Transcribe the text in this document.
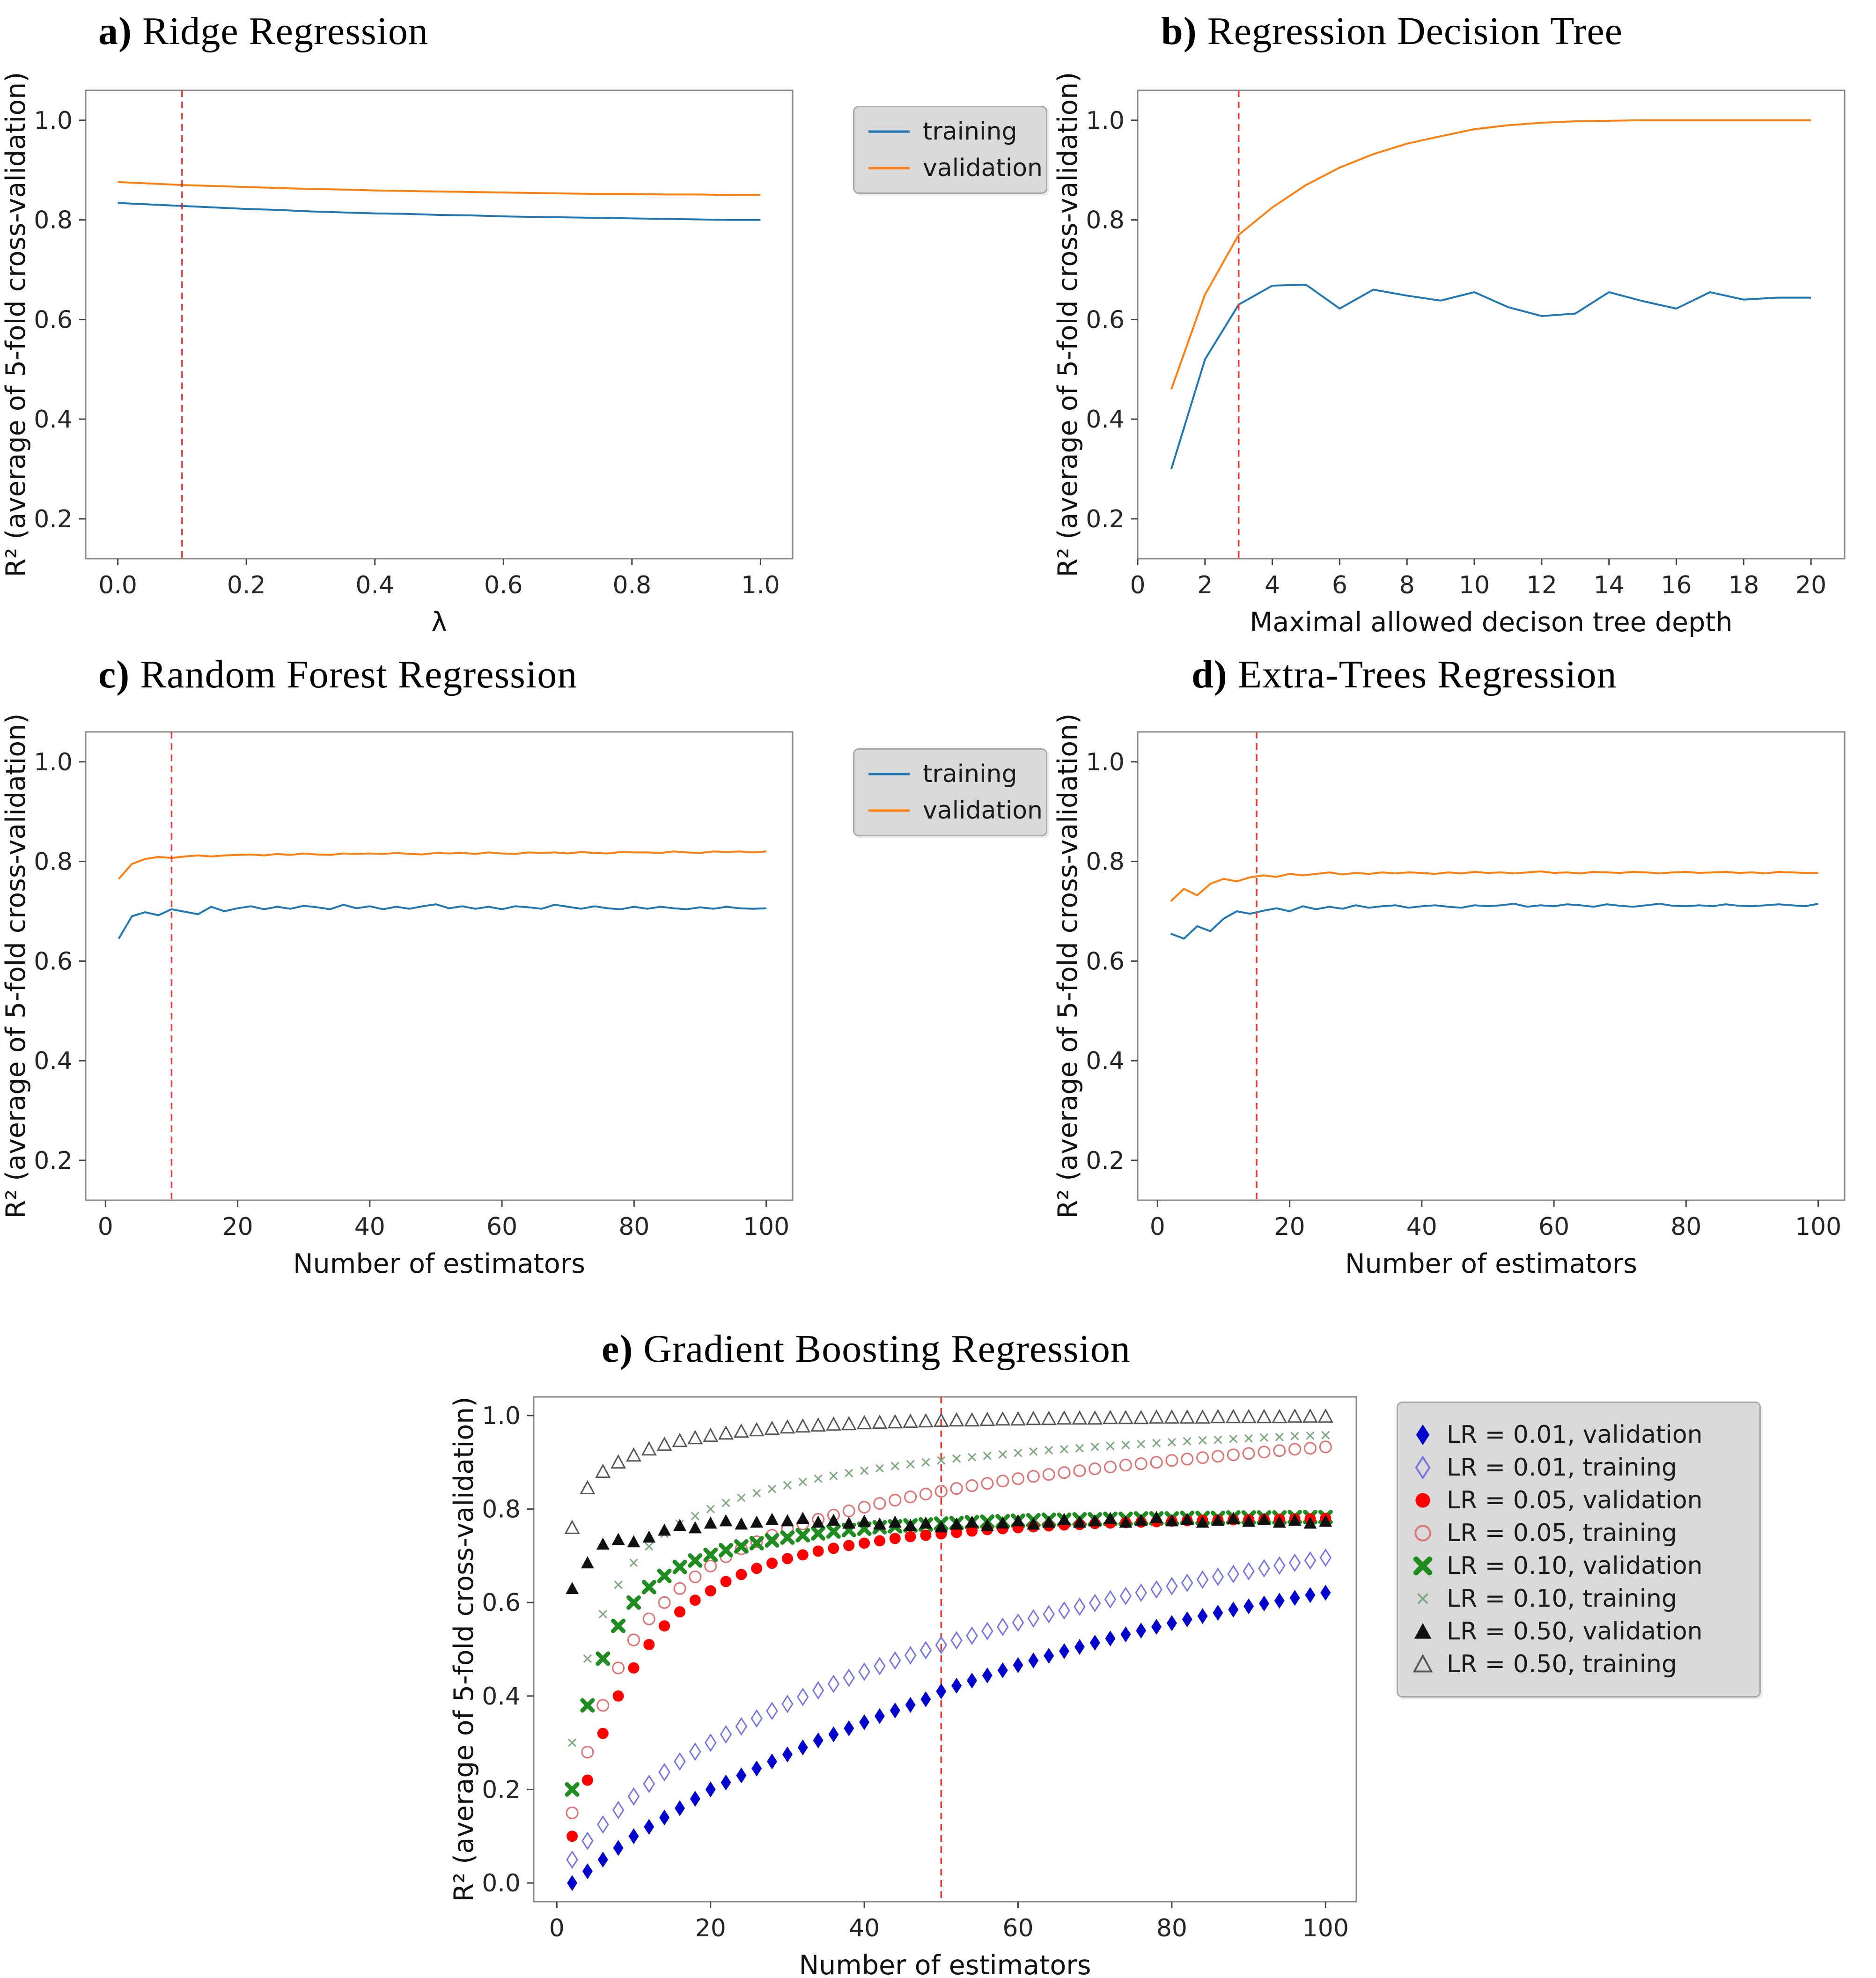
a) Ridge Regression	b) Regression Decision Tree
c) Random Forest Regression	d) Extra-Trees Regression
e) Gradient Boosting Regression
0.0	0.2	0.4	0.6	0.8	1.0
0.2
0.4
0.6
0.8
1.0
λ
R² (average of 5-fold cross-validation)
0 2 4 6 8 10 12 14 16 18 20
0.2
0.4
0.6
0.8
1.0
Maximal allowed decison tree depth
R² (average of 5-fold cross-validation)
0	20	40	60	80	100
0.2
0.4
0.6
0.8
1.0
Number of estimators
R² (average of 5-fold cross-validation)
0	20	40	60	80	100
0.2
0.4
0.6
0.8
1.0
Number of estimators
R² (average of 5-fold cross-validation)
0	20	40	60	80	100
0.0
0.2
0.4
0.6
0.8
1.0
Number of estimators
R² (average of 5-fold cross-validation)
training
validation
training
validation
LR = 0.01, validation
LR = 0.01, training
LR = 0.05, validation
LR = 0.05, training
LR = 0.10, validation
LR = 0.10, training
LR = 0.50, validation
LR = 0.50, training
